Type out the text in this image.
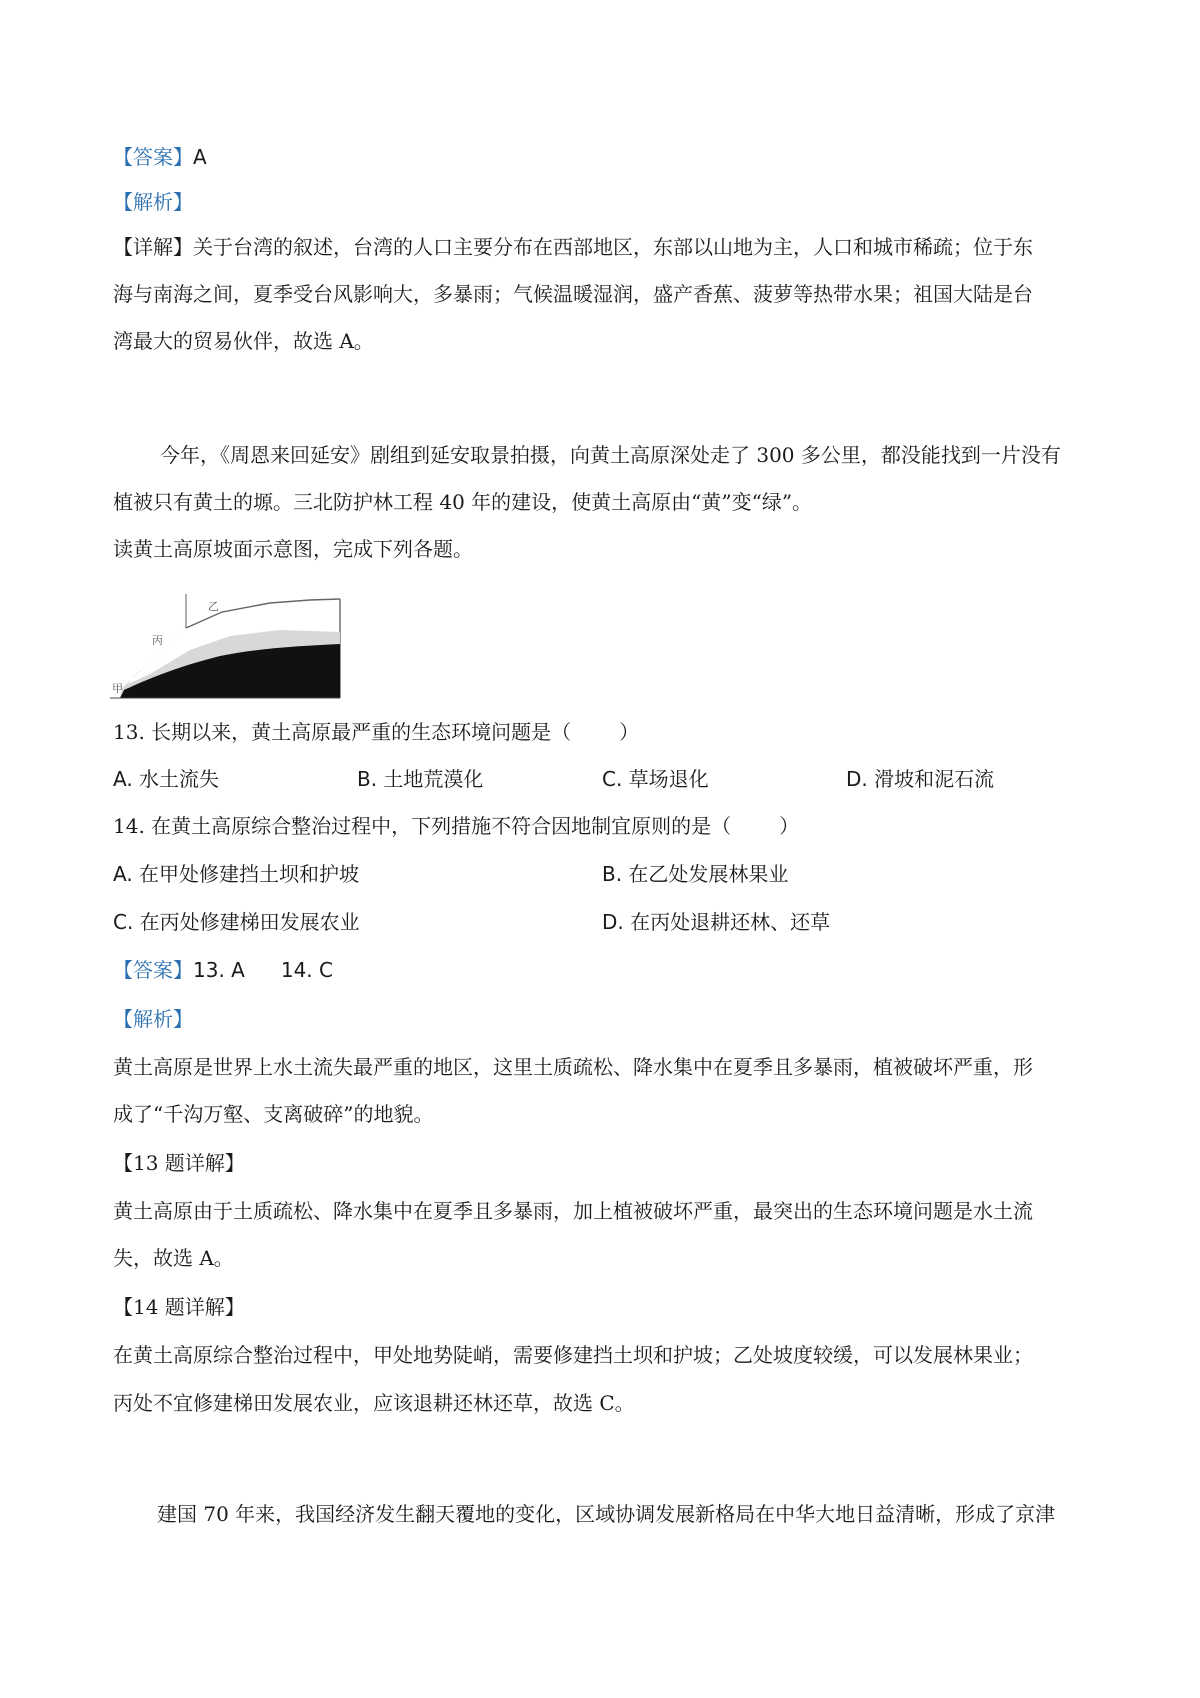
【答案】A
【解析】
【详解】关于台湾的叙述，台湾的人口主要分布在西部地区，东部以山地为主，人口和城市稀疏；位于东
海与南海之间，夏季受台风影响大，多暴雨；气候温暖湿润，盛产香蕉、菠萝等热带水果；祖国大陆是台
湾最大的贸易伙伴，故选 A。
今年，《周恩来回延安》剧组到延安取景拍摄，向黄土高原深处走了 300 多公里，都没能找到一片没有
植被只有黄土的塬。三北防护林工程 40 年的建设，使黄土高原由“黄”变“绿”。
读黄土高原坡面示意图，完成下列各题。
乙
丙
甲
13. 长期以来，黄土高原最严重的生态环境问题是（ ）
A. 水土流失	B. 土地荒漠化	C. 草场退化	D. 滑坡和泥石流
14. 在黄土高原综合整治过程中，下列措施不符合因地制宜原则的是（ ）
A. 在甲处修建挡土坝和护坡	B. 在乙处发展林果业
C. 在丙处修建梯田发展农业	D. 在丙处退耕还林、还草
【答案】13. A 14. C
【解析】
黄土高原是世界上水土流失最严重的地区，这里土质疏松、降水集中在夏季且多暴雨，植被破坏严重，形
成了“千沟万壑、支离破碎”的地貌。
【13 题详解】
黄土高原由于土质疏松、降水集中在夏季且多暴雨，加上植被破坏严重，最突出的生态环境问题是水土流
失，故选 A。
【14 题详解】
在黄土高原综合整治过程中，甲处地势陡峭，需要修建挡土坝和护坡；乙处坡度较缓，可以发展林果业；
丙处不宜修建梯田发展农业，应该退耕还林还草，故选 C。
建国 70 年来，我国经济发生翻天覆地的变化，区域协调发展新格局在中华大地日益清晰，形成了京津
